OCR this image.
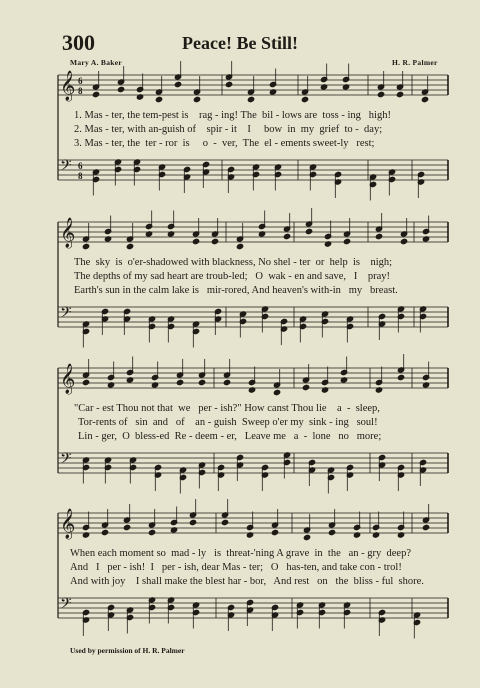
300	Peace! Be Still!
Mary A. Baker	H. R. Palmer
𝄞 6
8
𝄢 6
8
𝄞
𝄢
𝄞
𝄢
𝄞
𝄢
1. Mas - ter, the tem-pest is    rag - ing! The  bil - lows are  toss - ing   high!
2. Mas - ter, with an-guish of    spir - it    I     bow  in  my  grief  to -  day;
3. Mas - ter, the  ter - ror  is     o  -  ver,  The  el - ements sweet-ly   rest;
The  sky  is  o'er-shadowed with blackness, No shel - ter  or  help  is    nigh;
The depths of my sad heart are troub-led;   O  wak - en and save,   I    pray!
Earth's sun in the calm lake is   mir-rored, And heaven's with-in   my   breast.
"Car - est Thou not that  we   per - ish?" How canst Thou lie    a  -  sleep,
Tor-rents of   sin  and   of    an - guish  Sweep o'er my  sink - ing   soul!
Lin - ger,  O  bless-ed  Re - deem - er,   Leave me   a  -  lone   no   more;
When each moment so  mad - ly   is  threat-'ning A grave  in  the   an - gry  deep?
And   I   per - ish!  I   per - ish, dear Mas - ter;   O   has-ten, and take con - trol!
And with joy    I shall make the blest har - bor,   And rest   on   the  bliss - ful  shore.
Used by permission of H. R. Palmer
